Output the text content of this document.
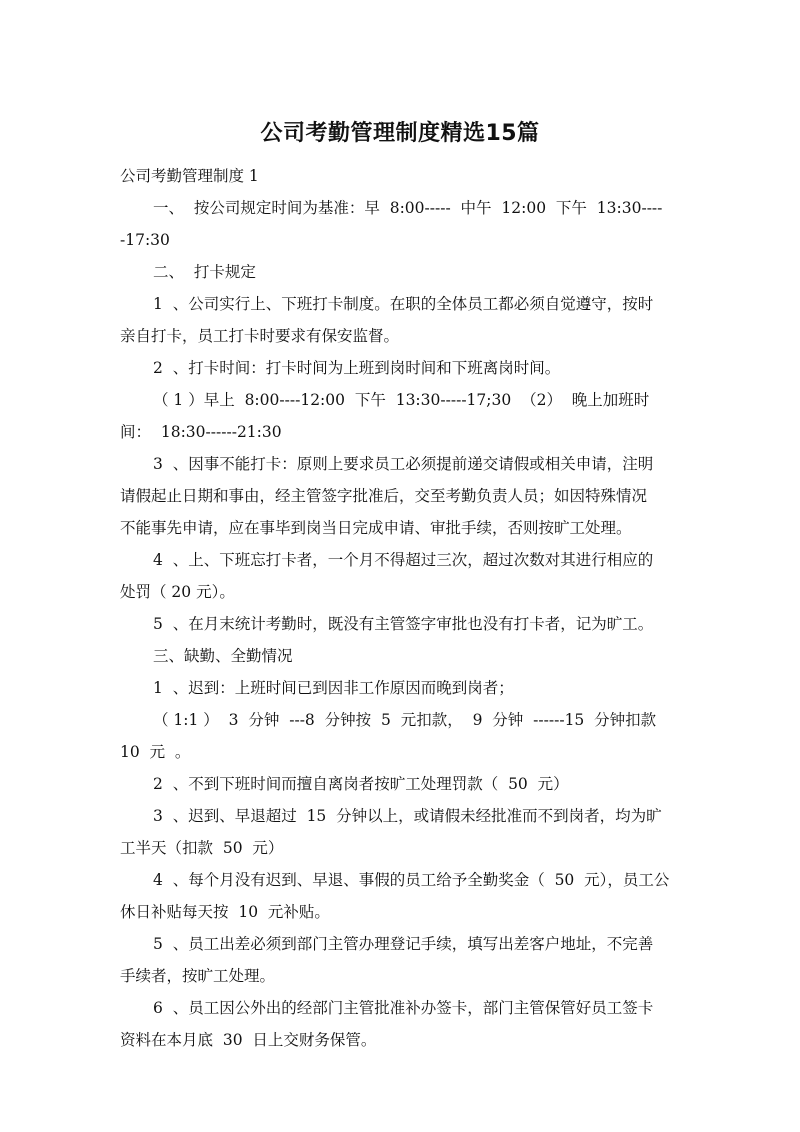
公司考勤管理制度精选15篇
公司考勤管理制度 1
一、  按公司规定时间为基准：早  8:00-----  中午  12:00  下午  13:30----
-17:30
二、  打卡规定
1  、公司实行上、下班打卡制度。在职的全体员工都必须自觉遵守，按时
亲自打卡，员工打卡时要求有保安监督。
2  、打卡时间：打卡时间为上班到岗时间和下班离岗时间。
（ 1 ）早上  8:00----12:00  下午  13:30-----17;30  （2）  晚上加班时
间：  18:30------21:30
3  、因事不能打卡：原则上要求员工必须提前递交请假或相关申请，注明
请假起止日期和事由，经主管签字批准后，交至考勤负责人员；如因特殊情况
不能事先申请，应在事毕到岗当日完成申请、审批手续，否则按旷工处理。
4  、上、下班忘打卡者，一个月不得超过三次，超过次数对其进行相应的
处罚（ 20 元）。
5  、在月末统计考勤时，既没有主管签字审批也没有打卡者，记为旷工。
三、缺勤、全勤情况
1  、迟到：上班时间已到因非工作原因而晚到岗者；
（ 1:1 ）  3  分钟  ---8  分钟按  5  元扣款，  9  分钟  ------15  分钟扣款
10  元  。
2  、不到下班时间而擅自离岗者按旷工处理罚款（  50  元）
3  、迟到、早退超过  15  分钟以上，或请假未经批准而不到岗者，均为旷
工半天（扣款  50  元）
4  、每个月没有迟到、早退、事假的员工给予全勤奖金（  50  元），员工公
休日补贴每天按  10  元补贴。
5  、员工出差必须到部门主管办理登记手续，填写出差客户地址，不完善
手续者，按旷工处理。
6  、员工因公外出的经部门主管批准补办签卡，部门主管保管好员工签卡
资料在本月底  30  日上交财务保管。
